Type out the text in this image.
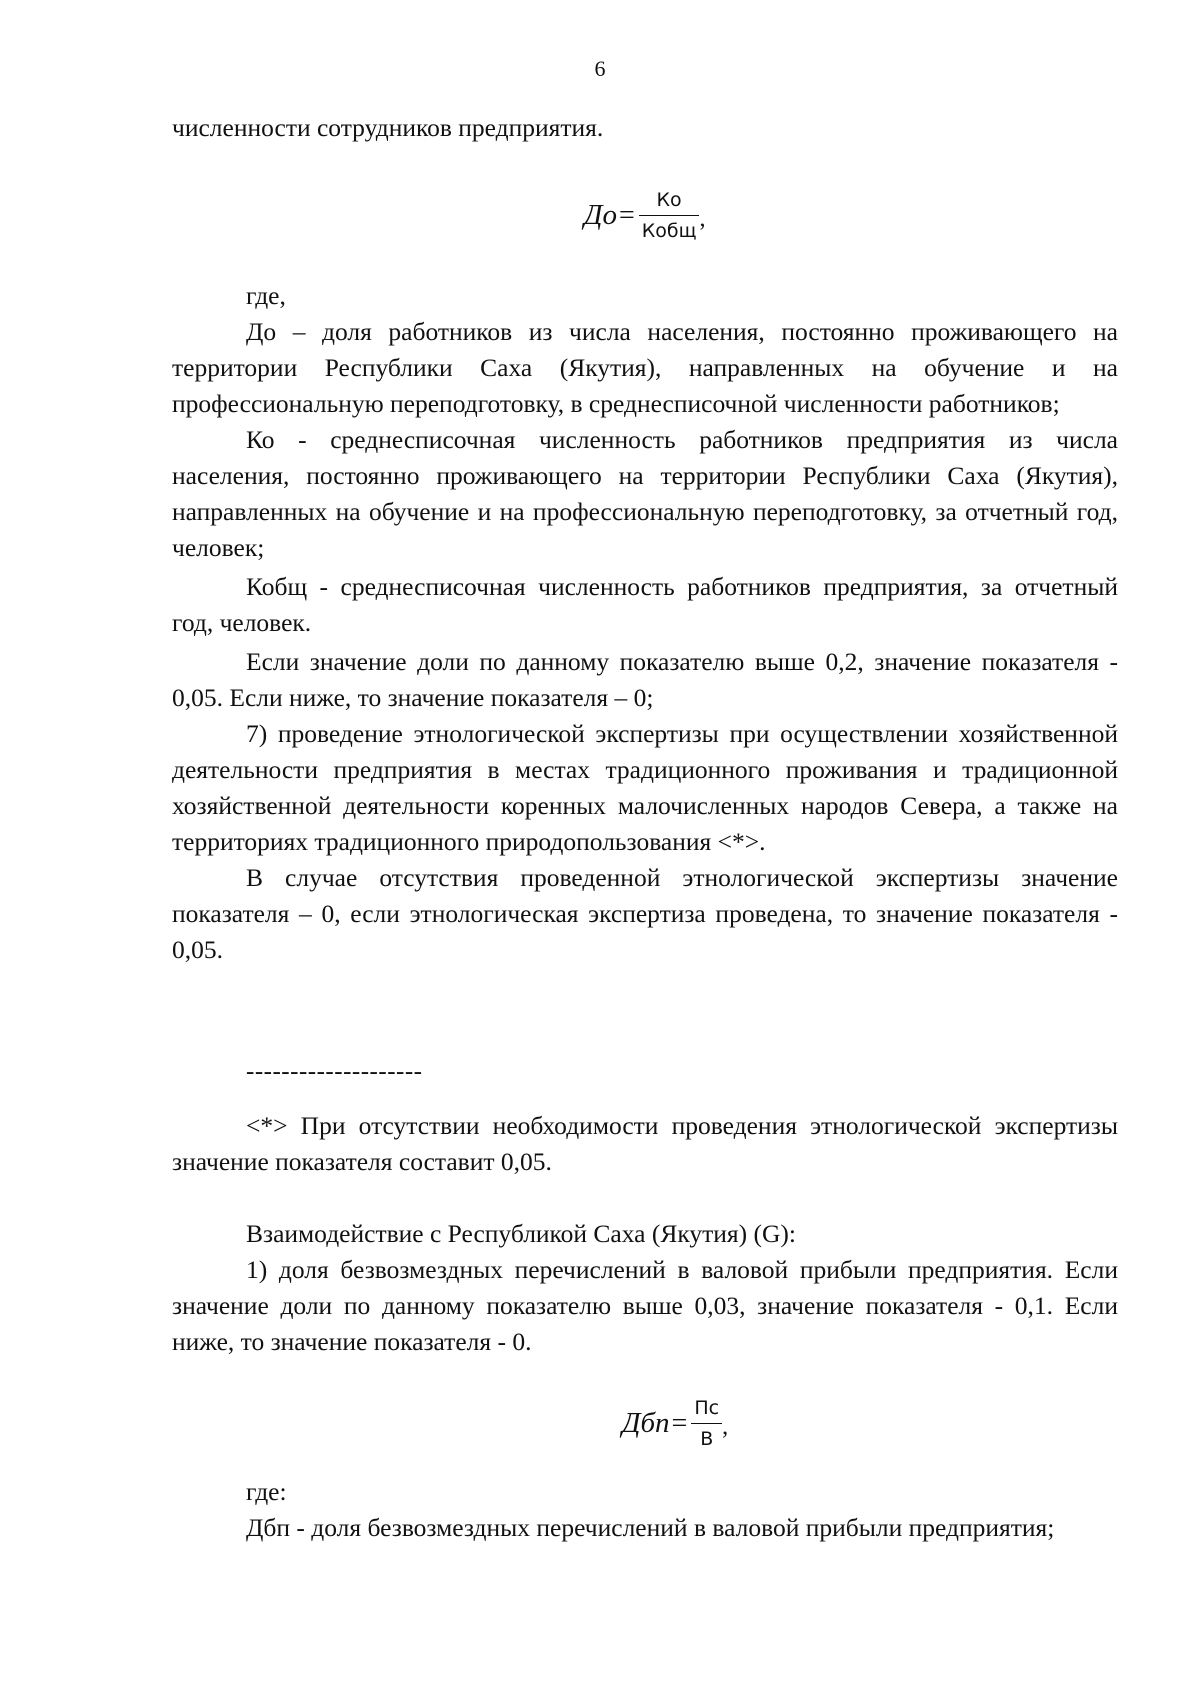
6

численности сотрудников предприятия.

До = $\frac{Ко}{\text{Кобщ}}$ ,

где,

До – доля работников из числа населения, постоянно проживающего на территории Республики Саха (Якутия), направленных на обучение и на профессиональную переподготовку, в среднесписочной численности работников;

Ко - среднесписочная численность работников предприятия из числа населения, постоянно проживающего на территории Республики Саха (Якутия), направленных на обучение и на профессиональную переподготовку, за отчетный год, человек;

Кобщ - среднесписочная численность работников предприятия, за отчетный год, человек.

Если значение доли по данному показателю выше 0,2, значение показателя - 0,05. Если ниже, то значение показателя – 0;

7) проведение этнологической экспертизы при осуществлении хозяйственной деятельности предприятия в местах традиционного проживания и традиционной хозяйственной деятельности коренных малочисленных народов Севера, а также на территориях традиционного природопользования <*>.

В случае отсутствия проведенной этнологической экспертизы значение показателя – 0, если этнологическая экспертиза проведена, то значение показателя - 0,05.

--------------------

<*> При отсутствии необходимости проведения этнологической экспертизы значение показателя составит 0,05.

Взаимодействие с Республикой Саха (Якутия) (G):

1) доля безвозмездных перечислений в валовой прибыли предприятия. Если значение доли по данному показателю выше 0,03, значение показателя - 0,1. Если ниже, то значение показателя - 0.

Дбп = $\frac{Пс}{В}$ ,

где:

Дбп - доля безвозмездных перечислений в валовой прибыли предприятия;
